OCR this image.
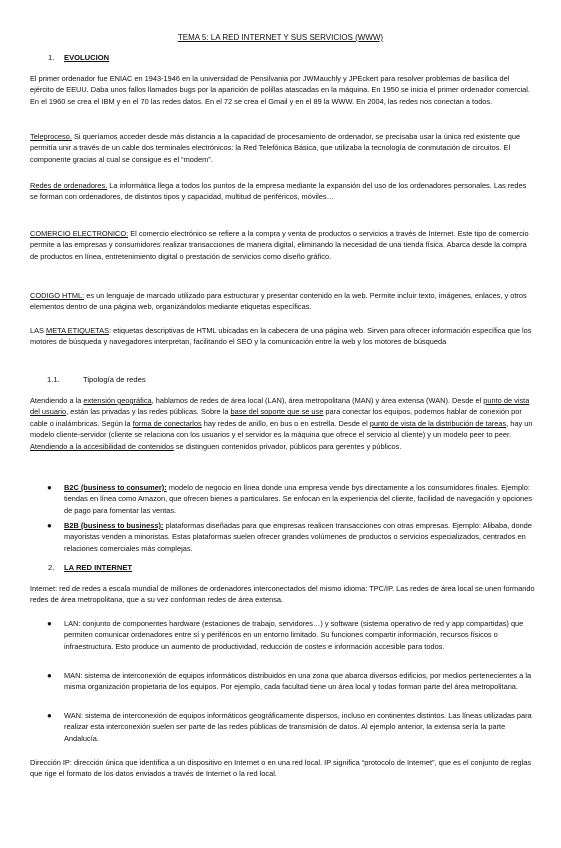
TEMA 5: LA RED INTERNET Y SUS SERVICIOS (WWW)
1. EVOLUCION
El primer ordenador fue ENIAC en 1943-1946 en la universidad de Pensilvania por JWMauchly y JPEckert para resolver problemas de basílica del ejército de EEUU. Daba unos fallos llamados bugs por la aparición de polillas atascadas en la máquina. En 1950 se inicia el primer ordenador comercial. En el 1960 se crea el IBM y en el 70 las redes datos. En el 72 se crea el Gmail y en el 89 la WWW. En 2004, las redes nos conectan a todos.
Teleproceso. Si queríamos acceder desde más distancia a la capacidad de procesamiento de ordenador, se precisaba usar la única red existente que permitía unir a través de un cable dos terminales electrónicos: la Red Telefónica Básica, que utilizaba la tecnología de conmutación de circuitos. El componente gracias al cual se consigue es el “modem”.
Redes de ordenadores. La informática llega a todos los puntos de la empresa mediante la expansión del uso de los ordenadores personales. Las redes se forman con ordenadores, de distintos tipos y capacidad, multitud de periféricos, móviles…
COMERCIO ELECTRONICO: El comercio electrónico se refiere a la compra y venta de productos o servicios a través de Internet. Este tipo de comercio permite a las empresas y consumidores realizar transacciones de manera digital, eliminando la necesidad de una tienda física. Abarca desde la compra de productos en línea, entretenimiento digital o prestación de servicios como diseño gráfico.
CODIGO HTML: es un lenguaje de marcado utilizado para estructurar y presentar contenido en la web. Permite incluir texto, imágenes, enlaces, y otros elementos dentro de una página web, organizándolos mediante etiquetas específicas.
LAS META ETIQUETAS: etiquetas descriptivas de HTML ubicadas en la cabecera de una página web. Sirven para ofrecer información específica que los motores de búsqueda y navegadores interpretan, facilitando el SEO y la comunicación entre la web y los motores de búsqueda
1.1.	Tipología de redes
Atendiendo a la extensión geográfica, hablamos de redes de área local (LAN), área metropolitana (MAN) y área extensa (WAN). Desde el punto de vista del usuario, están las privadas y las redes públicas. Sobre la base del soporte que se use para conectar los equipos, podemos hablar de conexión por cable o inalámbricas. Según la forma de conectarlos hay redes de anillo, en bus o en estrella. Desde el punto de vista de la distribución de tareas, hay un modelo cliente-servidor (cliente se relaciona con los usuarios y el servidor es la máquina que ofrece el servicio al cliente) y un modelo peer to peer. Atendiendo a la accesibilidad de contenidos se distinguen contenidos privador, públicos para gerentes y públicos.
● B2C (business to consumer): modelo de negocio en línea donde una empresa vende bys directamente a los consumidores finales. Ejemplo: tiendas en línea como Amazon, que ofrecen bienes a particulares. Se enfocan en la experiencia del cliente, facilidad de navegación y opciones de pago para fomentar las ventas.
● B2B (business to business): plataformas diseñadas para que empresas realicen transacciones con otras empresas. Ejemplo: Alibaba, donde mayoristas venden a minoristas. Estas plataformas suelen ofrecer grandes volúmenes de productos o servicios especializados, centrados en relaciones comerciales más complejas.
2. LA RED INTERNET
Internet: red de redes a escala mundial de millones de ordenadores interconectados del mismo idioma: TPC/IP. Las redes de área local se unen formando redes de área metropolitana, que a su vez conforman redes de área extensa.
● LAN: conjunto de componentes hardware (estaciones de trabajo, servidores…) y software (sistema operativo de red y app compartidas) que permiten comunicar ordenadores entre sí y periféricos en un entorno limitado. Su funciones compartir información, recursos físicos o infraestructura. Esto produce un aumento de productividad, reducción de costes e información accesible para todos.
● MAN: sistema de interconexión de equipos informáticos distribuidos en una zona que abarca diversos edificios, por medios pertenecientes a la misma organización propietaria de los equipos. Por ejemplo, cada facultad tiene un área local y todas forman parte del área metropolitana.
● WAN: sistema de interconexión de equipos informáticos geográficamente dispersos, incluso en continentes distintos. Las líneas utilizadas para realizar esta interconexión suelen ser parte de las redes públicas de transmisión de datos. Al ejemplo anterior, la extensa sería la parte Andalucía.
Dirección IP: dirección única que identifica a un dispositivo en Internet o en una red local. IP significa “protocolo de Internet”, que es el conjunto de reglas que rige el formato de los datos enviados a través de Internet o la red local.
